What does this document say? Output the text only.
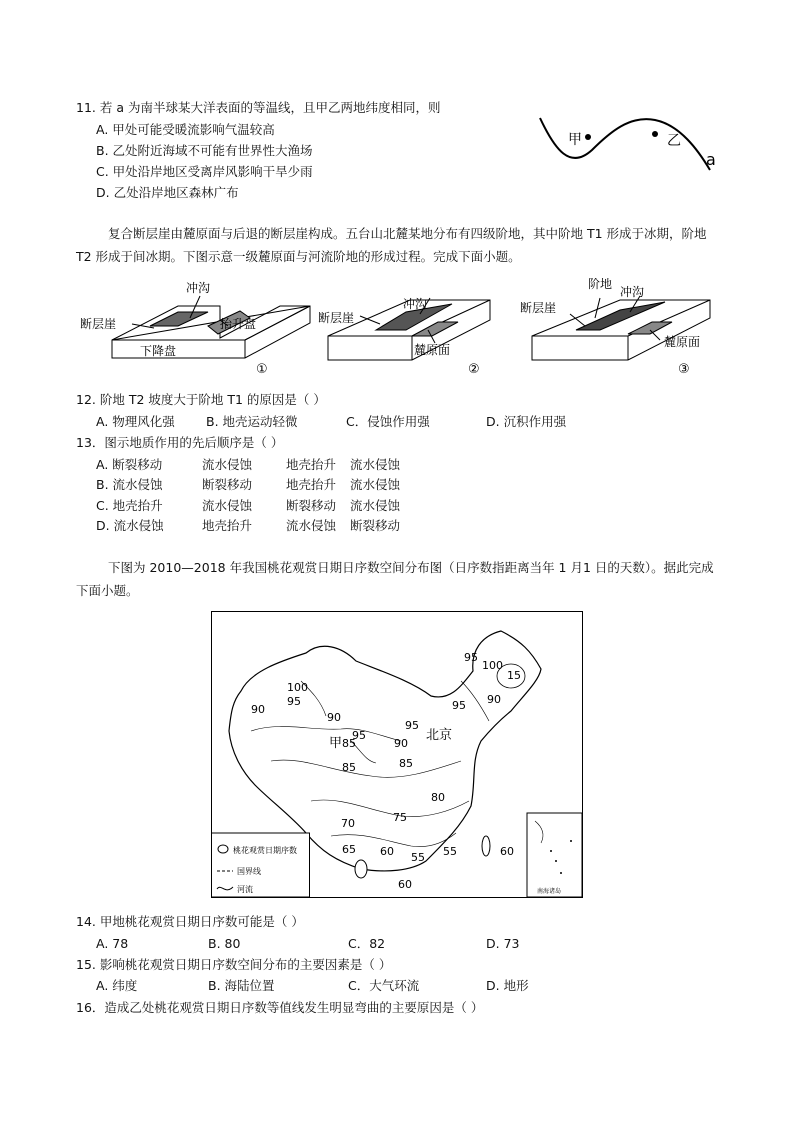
11. 若 a 为南半球某大洋表面的等温线，且甲乙两地纬度相同，则
A. 甲处可能受暖流影响气温较高
B. 乙处附近海域不可能有世界性大渔场
C. 甲处沿岸地区受离岸风影响干旱少雨
D. 乙处沿岸地区森林广布
甲	乙
a
复合断层崖由麓原面与后退的断层崖构成。五台山北麓某地分布有四级阶地，其中阶地 T1 形成于冰期，阶地 T2 形成于间冰期。下图示意一级麓原面与河流阶地的形成过程。完成下面小题。
冲沟
断层崖	抬升盘
下降盘
断层崖
冲沟
麓原面
②
断层崖
阶地
冲沟
麓原面
③
①
12. 阶地 T2 坡度大于阶地 T1 的原因是（ ）
A. 物理风化强 B. 地壳运动轻微	C．侵蚀作用强	D. 沉积作用强
13．图示地质作用的先后顺序是（ ）
A. 断裂移动	流水侵蚀	地壳抬升 流水侵蚀
B. 流水侵蚀	断裂移动	地壳抬升 流水侵蚀
C. 地壳抬升	流水侵蚀	断裂移动 流水侵蚀
D. 流水侵蚀	地壳抬升	流水侵蚀 断裂移动
下图为 2010—2018 年我国桃花观赏日期日序数空间分布图（日序数指距离当年 1 月1 日的天数）。据此完成下面小题。
95
100
15
100
95
90
90
95
95
90
85
95
85
80
75
70
65 60 55 55
60
60
85
90
甲
北京
桃花观赏日期序数
国界线
河流	南海诸岛
14. 甲地桃花观赏日期日序数可能是（ ）
A. 78	B. 80	C．82	D. 73
15. 影响桃花观赏日期日序数空间分布的主要因素是（ ）
A. 纬度	B. 海陆位置	C．大气环流	D. 地形
16．造成乙处桃花观赏日期日序数等值线发生明显弯曲的主要原因是（ ）
